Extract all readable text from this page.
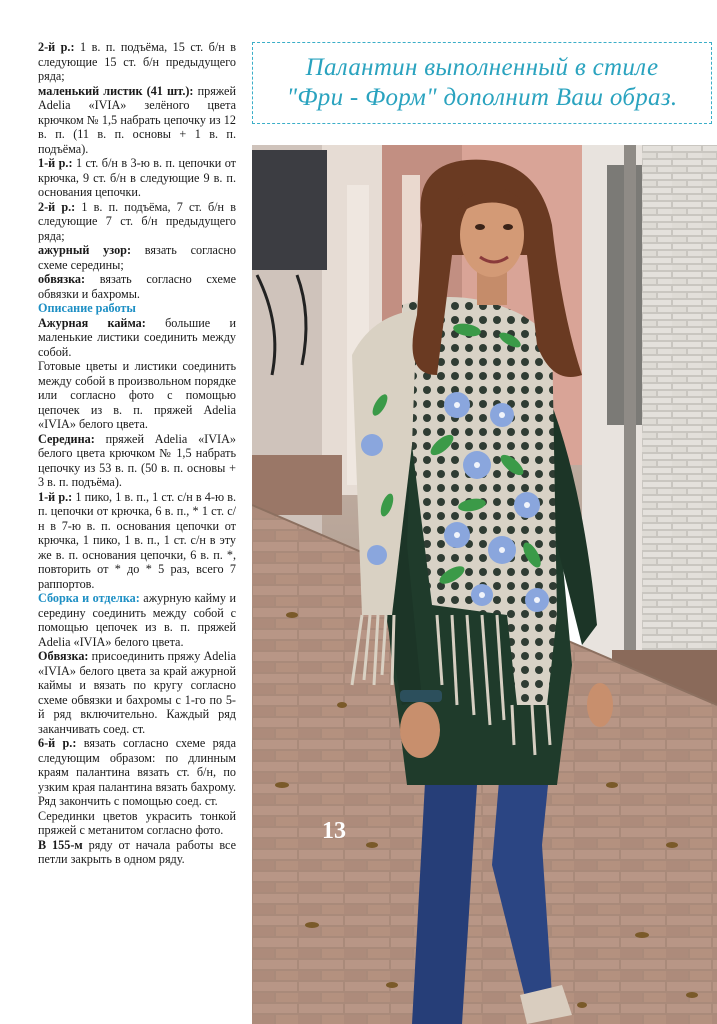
2-й р.: 1 в. п. подъёма, 15 ст. б/н в следующие 15 ст. б/н предыдущего ряда;

маленький листик (41 шт.): пряжей Adelia «IVIA» зелёного цвета крючком № 1,5 набрать цепочку из 12 в. п. (11 в. п. основы + 1 в. п. подъёма).

1-й р.: 1 ст. б/н в 3-ю в. п. цепочки от крючка, 9 ст. б/н в следующие 9 в. п. основания цепочки.

2-й р.: 1 в. п. подъёма, 7 ст. б/н в следующие 7 ст. б/н предыдущего ряда;

ажурный узор: вязать согласно схеме середины;

обвязка: вязать согласно схеме обвязки и бахромы.

Описание работы

Ажурная кайма: большие и маленькие листики соединить между собой.

Готовые цветы и листики соединить между собой в произвольном порядке или согласно фото с помощью цепочек из в. п. пряжей Adelia «IVIA» белого цвета.

Середина: пряжей Adelia «IVIA» белого цвета крючком № 1,5 набрать цепочку из 53 в. п. (50 в. п. основы + 3 в. п. подъёма).

1-й р.: 1 пико, 1 в. п., 1 ст. с/н в 4-ю в. п. цепочки от крючка, 6 в. п., * 1 ст. с/н в 7-ю в. п. основания цепочки от крючка, 1 пико, 1 в. п., 1 ст. с/н в эту же в. п. основания цепочки, 6 в. п. *, повторить от * до * 5 раз, всего 7 раппортов.

Сборка и отделка: ажурную кайму и середину соединить между собой с помощью цепочек из в. п. пряжей Adelia «IVIA» белого цвета.

Обвязка: присоединить пряжу Adelia «IVIA» белого цвета за край ажурной каймы и вязать по кругу согласно схеме обвязки и бахромы с 1-го по 5-й ряд включительно. Каждый ряд заканчивать соед. ст.

6-й р.: вязать согласно схеме ряда следующим образом: по длинным краям палантина вязать ст. б/н, по узким края палантина вязать бахрому. Ряд закончить с помощью соед. ст.

Серединки цветов украсить тонкой пряжей с метанитом согласно фото.

В 155-м ряду от начала работы все петли закрыть в одном ряду.

Палантин выполненный в стиле
"Фри - Форм" дополнит Ваш образ.
13
